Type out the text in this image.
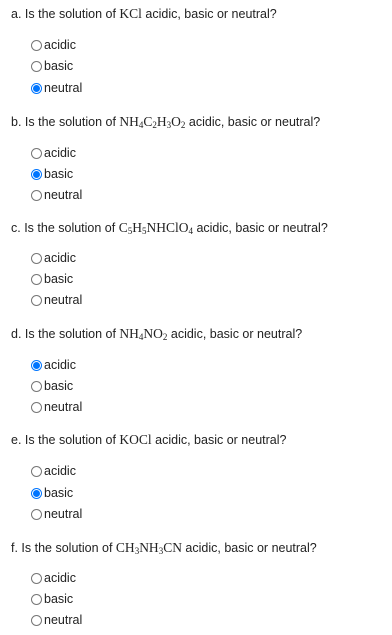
a. Is the solution of KCl acidic, basic or neutral?
acidic
basic
neutral
b. Is the solution of $NH_4C_2H_3O_2$ acidic, basic or neutral?
acidic
basic
neutral
c. Is the solution of $C_5H_5NHClO_4$ acidic, basic or neutral?
acidic
basic
neutral
d. Is the solution of $NH_4NO_2$ acidic, basic or neutral?
acidic
basic
neutral
e. Is the solution of KOCl acidic, basic or neutral?
acidic
basic
neutral
f. Is the solution of $CH_3NH_3CN$ acidic, basic or neutral?
acidic
basic
neutral
